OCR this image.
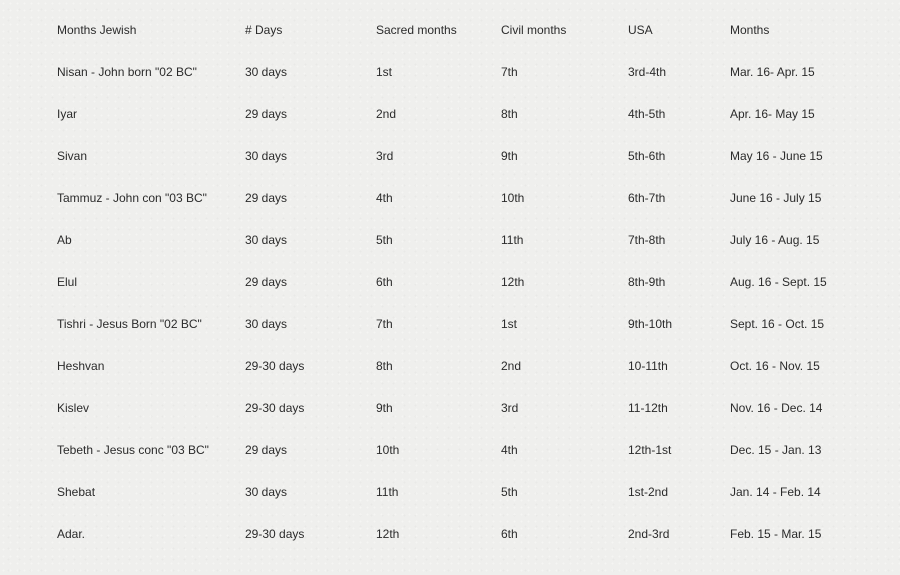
Months Jewish	# Days	Sacred months	Civil months	USA	Months
Nisan - John born "02 BC"	30 days	1st	7th	3rd-4th	Mar. 16- Apr. 15
Iyar	29 days	2nd	8th	4th-5th	Apr. 16- May 15
Sivan	30 days	3rd	9th	5th-6th	May 16 - June 15
Tammuz - John con "03 BC"	29 days	4th	10th	6th-7th	June 16 - July 15
Ab	30 days	5th	11th	7th-8th	July 16 - Aug. 15
Elul	29 days	6th	12th	8th-9th	Aug. 16 - Sept. 15
Tishri - Jesus Born "02 BC"	30 days	7th	1st	9th-10th	Sept. 16 - Oct. 15
Heshvan	29-30 days	8th	2nd	10-11th	Oct. 16 - Nov. 15
Kislev	29-30 days	9th	3rd	11-12th	Nov. 16 - Dec. 14
Tebeth - Jesus conc "03 BC"	29 days	10th	4th	12th-1st	Dec. 15 - Jan. 13
Shebat	30 days	11th	5th	1st-2nd	Jan. 14 - Feb. 14
Adar.	29-30 days	12th	6th	2nd-3rd	Feb. 15 - Mar. 15
